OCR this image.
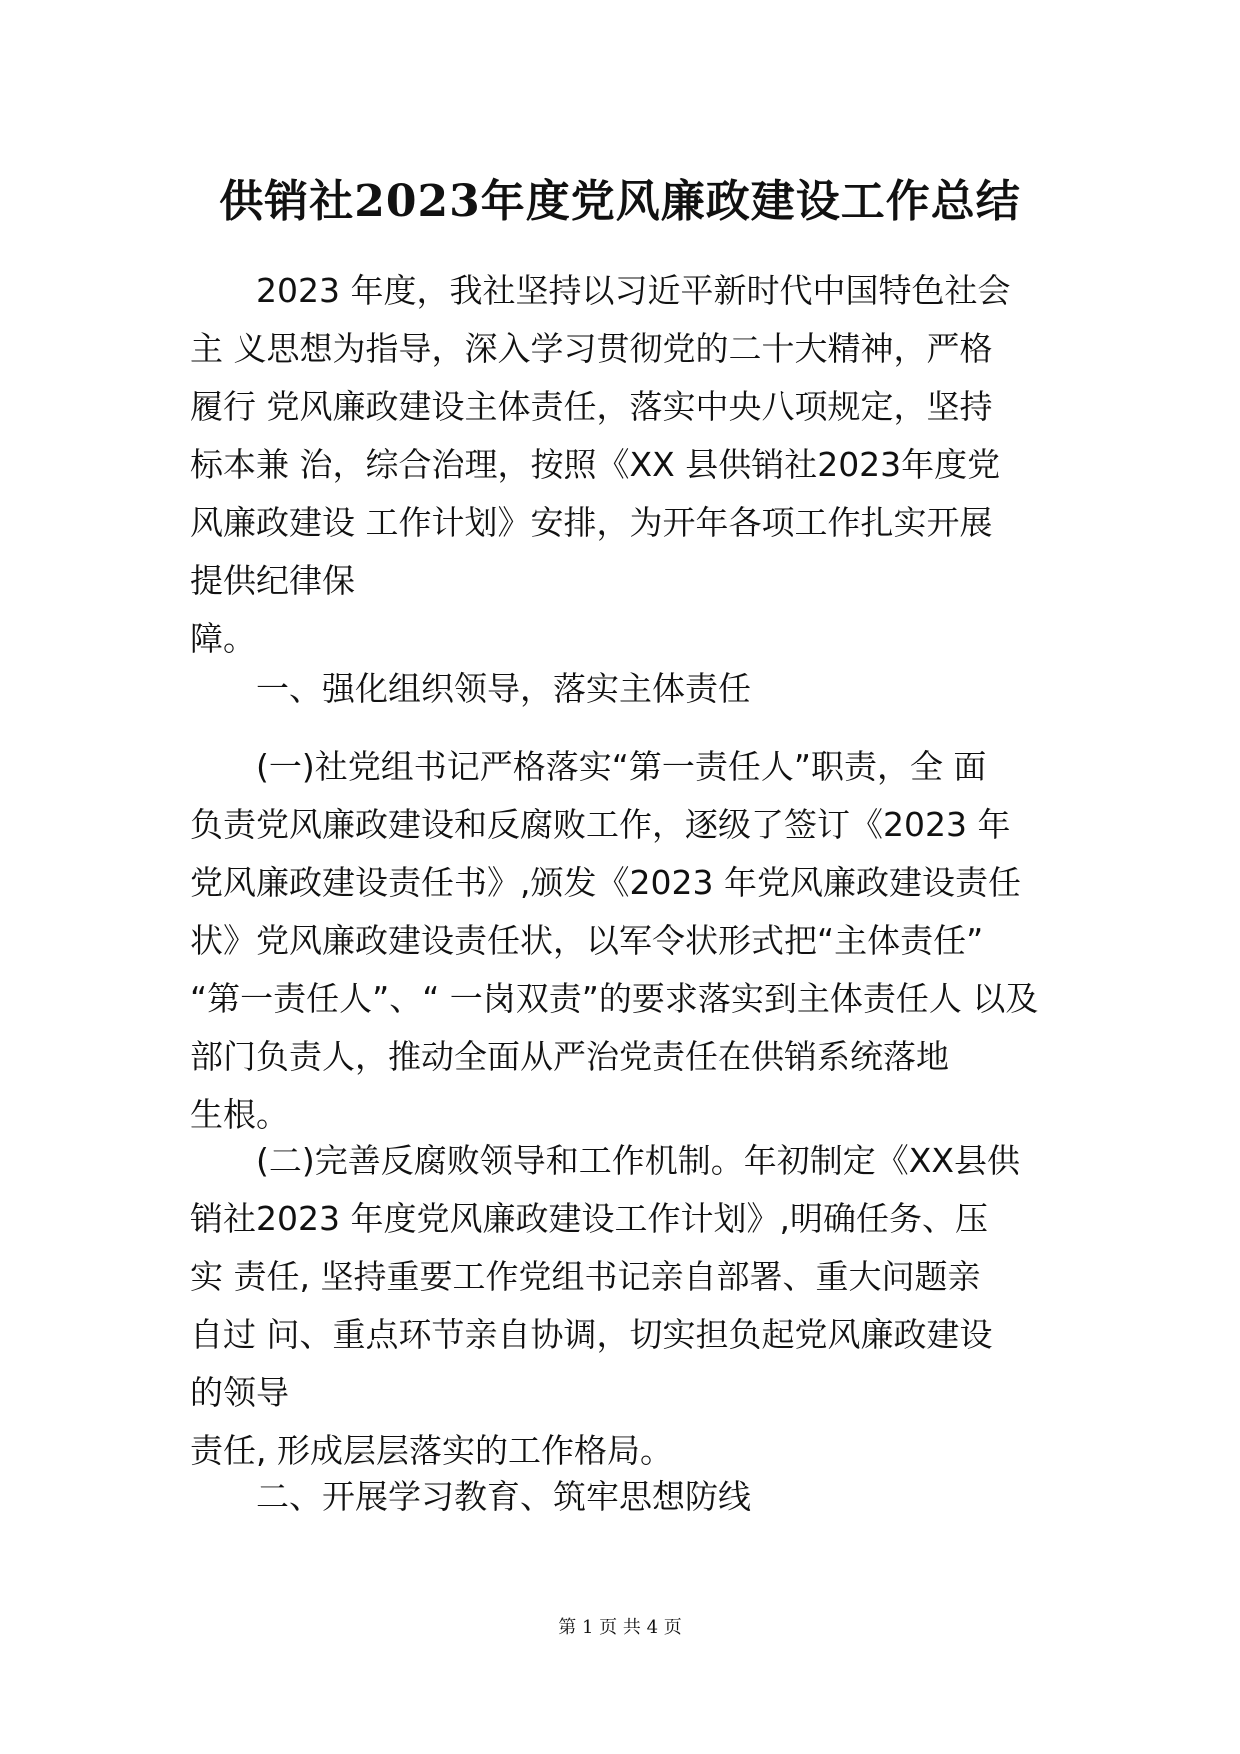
供销社2023年度党风廉政建设工作总结
2023 年度，我社坚持以习近平新时代中国特色社会
主 义思想为指导，深入学习贯彻党的二十大精神，严格
履行 党风廉政建设主体责任，落实中央八项规定，坚持
标本兼 治，综合治理，按照《XX 县供销社2023年度党
风廉政建设 工作计划》安排，为开年各项工作扎实开展
提供纪律保
障。
一、强化组织领导，落实主体责任
(一)社党组书记严格落实“第一责任人”职责，全 面
负责党风廉政建设和反腐败工作，逐级了签订《2023 年
党风廉政建设责任书》,颁发《2023 年党风廉政建设责任
状》党风廉政建设责任状，以军令状形式把“主体责任”
“第一责任人”、“ 一岗双责”的要求落实到主体责任人 以及
部门负责人，推动全面从严治党责任在供销系统落地
生根。
(二)完善反腐败领导和工作机制。年初制定《XX县供
销社2023 年度党风廉政建设工作计划》,明确任务、压
实 责任, 坚持重要工作党组书记亲自部署、重大问题亲
自过 问、重点环节亲自协调，切实担负起党风廉政建设
的领导
责任, 形成层层落实的工作格局。
二、开展学习教育、筑牢思想防线
第 1 页 共 4 页
